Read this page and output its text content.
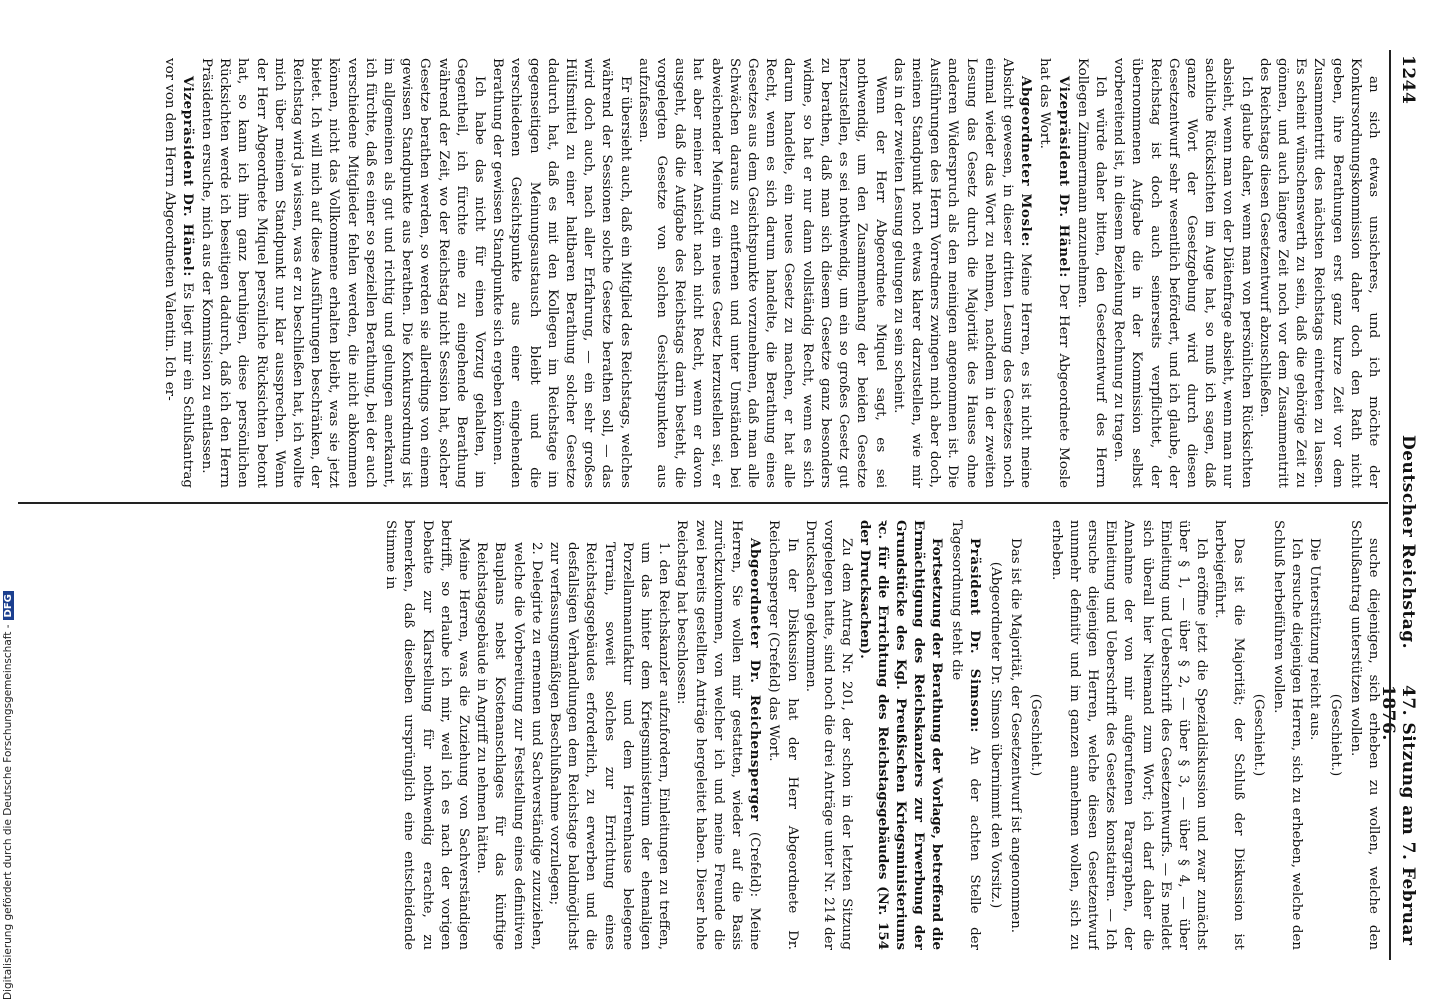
1244
Deutscher Reichstag.
47. Sitzung am 7. Februar 1876.

an sich etwas unsicheres, und ich möchte der Konkursordnungskommission daher doch den Rath nicht geben, ihre Berathungen erst ganz kurze Zeit vor dem Zusammentritt des nächsten Reichstags eintreten zu lassen. Es scheint wünschenswerth zu sein, daß die gehörige Zeit zu gönnen, und auch längere Zeit noch vor dem Zusammentritt des Reichstags diesen Gesetzentwurf abzuschließen.

Ich glaube daher, wenn man von persönlichen Rücksichten absieht, wenn man von der Diätenfrage absieht, wenn man nur sachliche Rücksichten im Auge hat, so muß ich sagen, daß ganze Wort der Gesetzgebung wird durch diesen Gesetzentwurf sehr wesentlich befördert, und ich glaube, der Reichstag ist doch auch seinerseits verpflichtet, der übernommenen Aufgabe die in der Kommission selbst vorbereitend ist, in diesem Beziehung Rechnung zu tragen.

Ich würde daher bitten, den Gesetzentwurf des Herrn Kollegen Zimmermann anzunehmen.

Vizepräsident Dr. Hänel: Der Herr Abgeordnete Mosle hat das Wort.

Abgeordneter Mosle: Meine Herren, es ist nicht meine Absicht gewesen, in dieser dritten Lesung des Gesetzes noch einmal wieder das Wort zu nehmen, nachdem in der zweiten Lesung das Gesetz durch die Majorität des Hauses ohne anderen Widerspruch als den meinigen angenommen ist. Die Ausführungen des Herrn Vorredners zwingen mich aber doch, meinen Standpunkt noch etwas klarer darzustellen, wie mir das in der zweiten Lesung gelungen zu sein scheint.

Wenn der Herr Abgeordnete Miquel sagt, es sei nothwendig, um den Zusammenhang der beiden Gesetze herzustellen, es sei nothwendig, um ein so großes Gesetz gut zu berathen, daß man sich diesem Gesetze ganz besonders widme, so hat er nur dann vollständig Recht, wenn es sich darum handelte, ein neues Gesetz zu machen, er hat alle Recht, wenn es sich darum handelte, die Berathung eines Gesetzes aus dem Gesichtspunkte vorzunehmen, daß man alle Schwächen daraus zu entfernen und unter Umständen bei abweichender Meinung ein neues Gesetz herzustellen sei, er hat aber meiner Ansicht nach nicht Recht, wenn er davon ausgeht, daß die Aufgabe des Reichstags darin besteht, die vorgelegten Gesetze von solchen Gesichtspunkten aus aufzufassen.

Er übersieht auch, daß ein Mitglied des Reichstags, welches während der Sessionen solche Gesetze berathen soll, — das wird doch auch, nach aller Erfahrung, — ein sehr großes Hülfsmittel zu einer haltbaren Berathung solcher Gesetze dadurch hat, daß es mit den Kollegen im Reichstage im gegenseitigen Meinungsaustausch bleibt und die verschiedenen Gesichtspunkte aus einer eingehenden Berathung der gewissen Standpunkte sich ergeben können.

Ich habe das nicht für einen Vorzug gehalten, im Gegentheil, ich fürchte eine zu eingehende Berathung während der Zeit, wo der Reichstag nicht Session hat, solcher Gesetze berathen werden, so werden sie allerdings von einem gewissen Standpunkte aus berathen. Die Konkursordnung ist im allgemeinen als gut und richtig und gelungen anerkannt, ich fürchte, daß es einer so speziellen Berathung, bei der auch verschiedene Mitglieder fehlen werden, die nicht abkommen können, nicht das Vollkommene erhalten bleibt, was sie jetzt bietet. Ich will mich auf diese Ausführungen beschränken, der Reichstag wird ja wissen, was er zu beschließen hat, ich wollte mich über meinem Standpunkt nur klar aussprechen. Wenn der Herr Abgeordnete Miquel persönliche Rücksichten betont hat, so kann ich ihm ganz beruhigen, diese persönlichen Rücksichten werde ich beseitigen dadurch, daß ich den Herrn Präsidenten ersuche, mich aus der Kommission zu entlassen.

Vizepräsident Dr. Hänel: Es liegt mir ein Schlußantrag vor von dem Herrn Abgeordneten Valentin. Ich er-

suche diejenigen, sich erheben zu wollen, welche den Schlußantrag unterstützen wollen.

(Geschieht.)

Die Unterstützung reicht aus.

Ich ersuche diejenigen Herren, sich zu erheben, welche den Schluß herbeiführen wollen.

(Geschieht.)

Das ist die Majorität; der Schluß der Diskussion ist herbeigeführt.

Ich eröffne jetzt die Spezialdiskussion und zwar zunächst über § 1, — über § 2, — über § 3, — über § 4, — über Einleitung und Ueberschrift des Gesetzentwurfs. — Es meldet sich überall hier Niemand zum Wort; ich darf daher die Annahme der von mir aufgerufenen Paragraphen, der Einleitung und Ueberschrift des Gesetzes konstatiren. — Ich ersuche diejenigen Herren, welche diesen Gesetzentwurf nunmehr definitiv und im ganzen annehmen wollen, sich zu erheben.

(Geschieht.)

Das ist die Majorität, der Gesetzentwurf ist angenommen.

(Abgeordneter Dr. Simson übernimmt den Vorsitz.)

Präsident Dr. Simson: An der achten Stelle der Tagesordnung steht die

Fortsetzung der Berathung der Vorlage, betreffend die Ermächtigung des Reichskanzlers zur Erwerbung der Grundstücke des Kgl. Preußischen Kriegsministeriums ꝛc. für die Errichtung des Reichstagsgebäudes (Nr. 154 der Drucksachen).

Zu dem Antrag Nr. 201, der schon in der letzten Sitzung vorgelegen hatte, sind noch die drei Anträge unter Nr. 214 der Drucksachen gekommen.

In der Diskussion hat der Herr Abgeordnete Dr. Reichensperger (Crefeld) das Wort.

Abgeordneter Dr. Reichensperger (Crefeld): Meine Herren, Sie wollen mir gestatten, wieder auf die Basis zurückzukommen, von welcher ich und meine Freunde die zwei bereits gestellten Anträge hergeleitet haben. Dieser hohe Reichstag hat beschlossen:

1. den Reichskanzler aufzufordern, Einleitungen zu treffen, um das hinter dem Kriegsministerium der ehemaligen Porzellanmanufaktur und dem Herrenhause belegene Terrain, soweit solches zur Errichtung eines Reichstagsgebäudes erforderlich, zu erwerben und die desfallsigen Verhandlungen dem Reichstage baldmöglichst zur verfassungsmäßigen Beschlußnahme vorzulegen;

2. Delegirte zu ernennen und Sachverständige zuzuziehen, welche die Vorbereitung zur Feststellung eines definitiven Bauplans nebst Kostenanschlages für das künftige Reichstagsgebäude in Angriff zu nehmen hätten.

Meine Herren, was die Zuziehung von Sachverständigen betrifft, so erlaube ich mir, weil ich es nach der vorigen Debatte zur Klarstellung für nothwendig erachte, zu bemerken, daß dieselben ursprünglich eine entscheidende Stimme in

Digitalisierung gefördert durch die Deutsche Forschungsgemeinschaft -DFG
